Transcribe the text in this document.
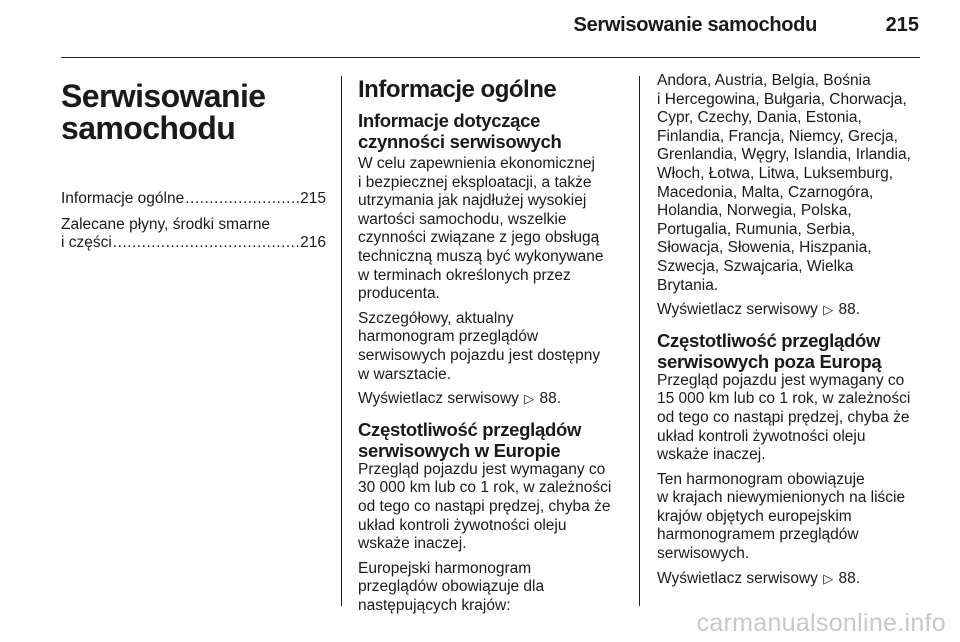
Serwisowanie samochodu	215
Serwisowanie
samochodu
Informacje ogólne .....	215
Zalecane płyny, środki smarne
i części .....	216
Informacje ogólne
Informacje dotyczące
czynności serwisowych

W celu zapewnienia ekonomicznej
i bezpiecznej eksploatacji, a także
utrzymania jak najdłużej wysokiej
wartości samochodu, wszelkie
czynności związane z jego obsługą
techniczną muszą być wykonywane
w terminach określonych przez
producenta.

Szczegółowy, aktualny
harmonogram przeglądów
serwisowych pojazdu jest dostępny
w warsztacie.

Wyświetlacz serwisowy ▷ 88.

Częstotliwość przeglądów
serwisowych w Europie

Przegląd pojazdu jest wymagany co
30 000 km lub co 1 rok, w zależności
od tego co nastąpi prędzej, chyba że
układ kontroli żywotności oleju
wskaże inaczej.

Europejski harmonogram
przeglądów obowiązuje dla
następujących krajów:

Andora, Austria, Belgia, Bośnia
i Hercegowina, Bułgaria, Chorwacja,
Cypr, Czechy, Dania, Estonia,
Finlandia, Francja, Niemcy, Grecja,
Grenlandia, Węgry, Islandia, Irlandia,
Włoch, Łotwa, Litwa, Luksemburg,
Macedonia, Malta, Czarnogóra,
Holandia, Norwegia, Polska,
Portugalia, Rumunia, Serbia,
Słowacja, Słowenia, Hiszpania,
Szwecja, Szwajcaria, Wielka
Brytania.

Wyświetlacz serwisowy ▷ 88.

Częstotliwość przeglądów
serwisowych poza Europą

Przegląd pojazdu jest wymagany co
15 000 km lub co 1 rok, w zależności
od tego co nastąpi prędzej, chyba że
układ kontroli żywotności oleju
wskaże inaczej.

Ten harmonogram obowiązuje
w krajach niewymienionych na liście
krajów objętych europejskim
harmonogramem przeglądów
serwisowych.

Wyświetlacz serwisowy ▷ 88.

carmanualsonline.info
